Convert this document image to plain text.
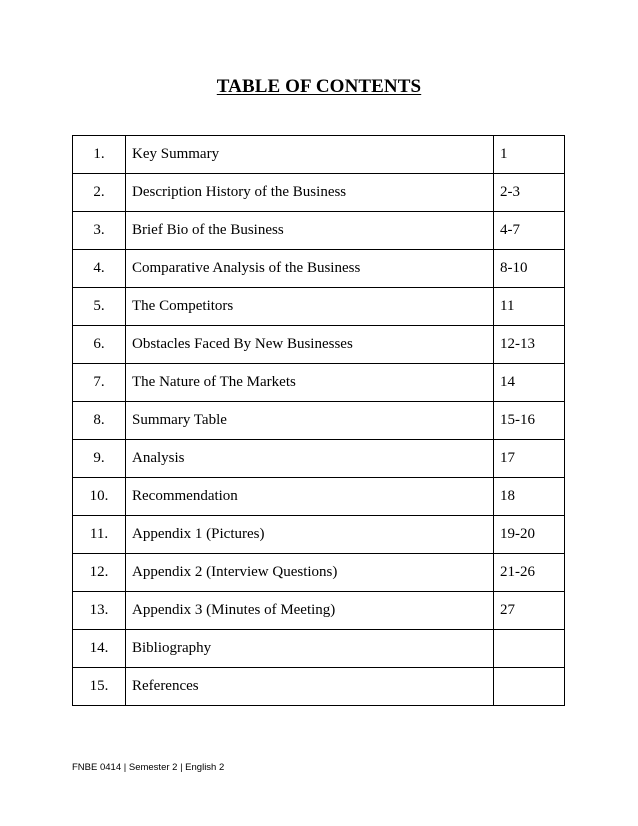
TABLE OF CONTENTS
1.	Key Summary	1
2.	Description History of the Business	2-3
3.	Brief Bio of the Business	4-7
4.	Comparative Analysis of the Business	8-10
5.	The Competitors	11
6.	Obstacles Faced By New Businesses	12-13
7.	The Nature of The Markets	14
8.	Summary Table	15-16
9.	Analysis	17
10.	Recommendation	18
11.	Appendix 1 (Pictures)	19-20
12.	Appendix 2 (Interview Questions)	21-26
13.	Appendix 3 (Minutes of Meeting)	27
14.	Bibliography	
15.	References	
FNBE 0414 | Semester 2 | English 2
